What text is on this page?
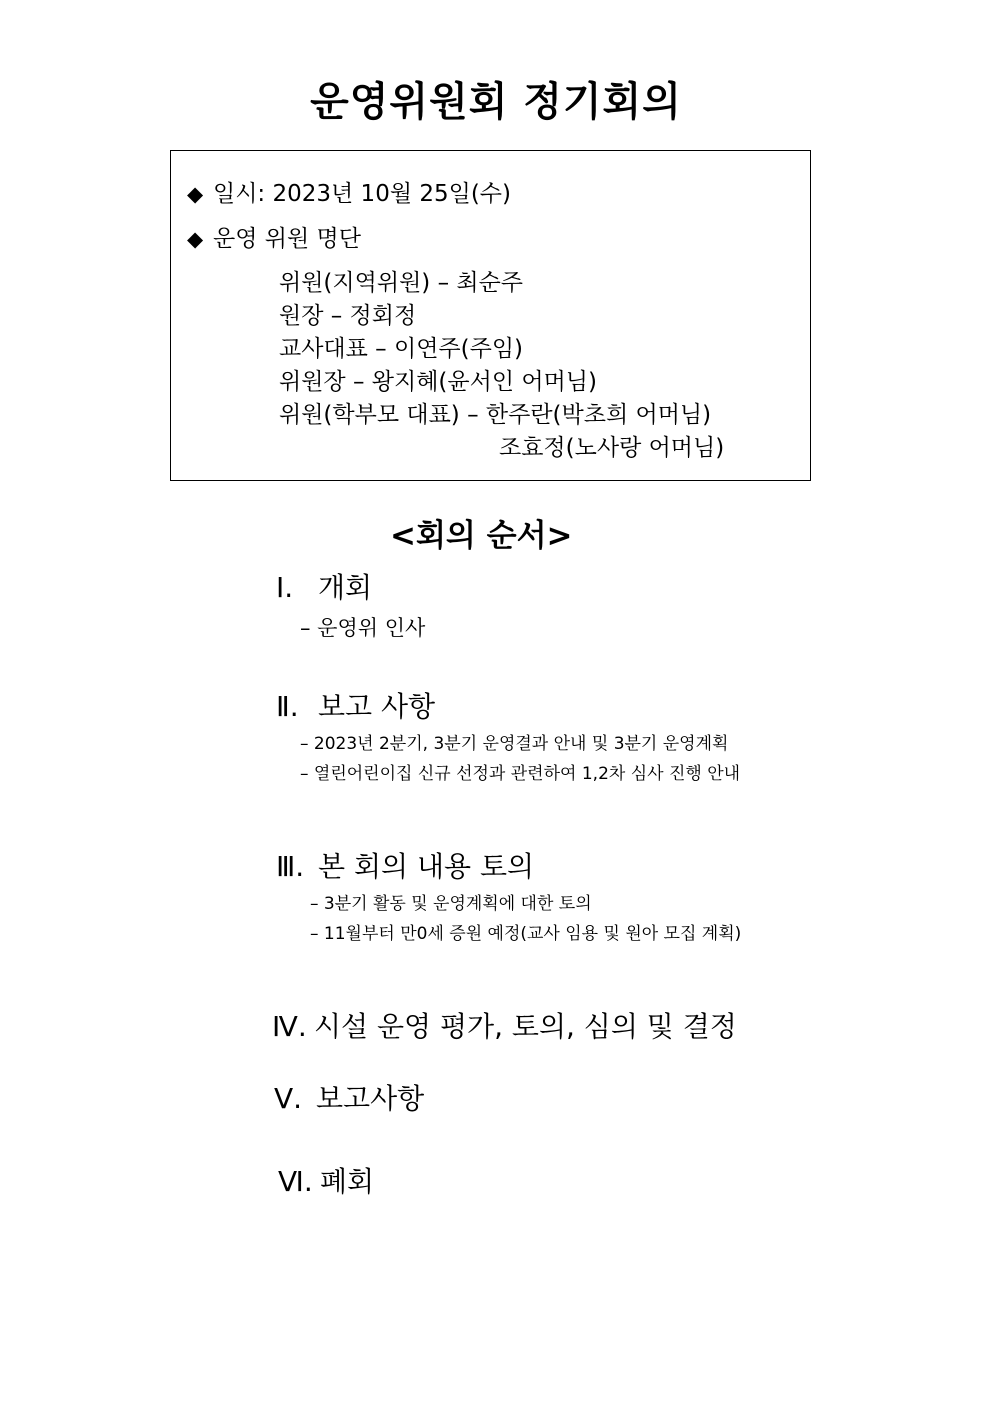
운영위원회 정기회의
◆ 일시: 2023년 10월 25일(수)
◆ 운영 위원 명단
위원(지역위원) – 최순주
원장 – 정회정
교사대표 – 이연주(주임)
위원장 – 왕지혜(윤서인 어머님)
위원(학부모 대표) – 한주란(박초희 어머님)
조효정(노사랑 어머님)
<회의 순서>
Ⅰ. 개회
– 운영위 인사
Ⅱ. 보고 사항
– 2023년 2분기, 3분기 운영결과 안내 및 3분기 운영계획
– 열린어린이집 신규 선정과 관련하여 1,2차 심사 진행 안내
Ⅲ. 본 회의 내용 토의
– 3분기 활동 및 운영계획에 대한 토의
– 11월부터 만0세 증원 예정(교사 임용 및 원아 모집 계획)
Ⅳ. 시설 운영 평가, 토의, 심의 및 결정
Ⅴ. 보고사항
Ⅵ. 폐회
